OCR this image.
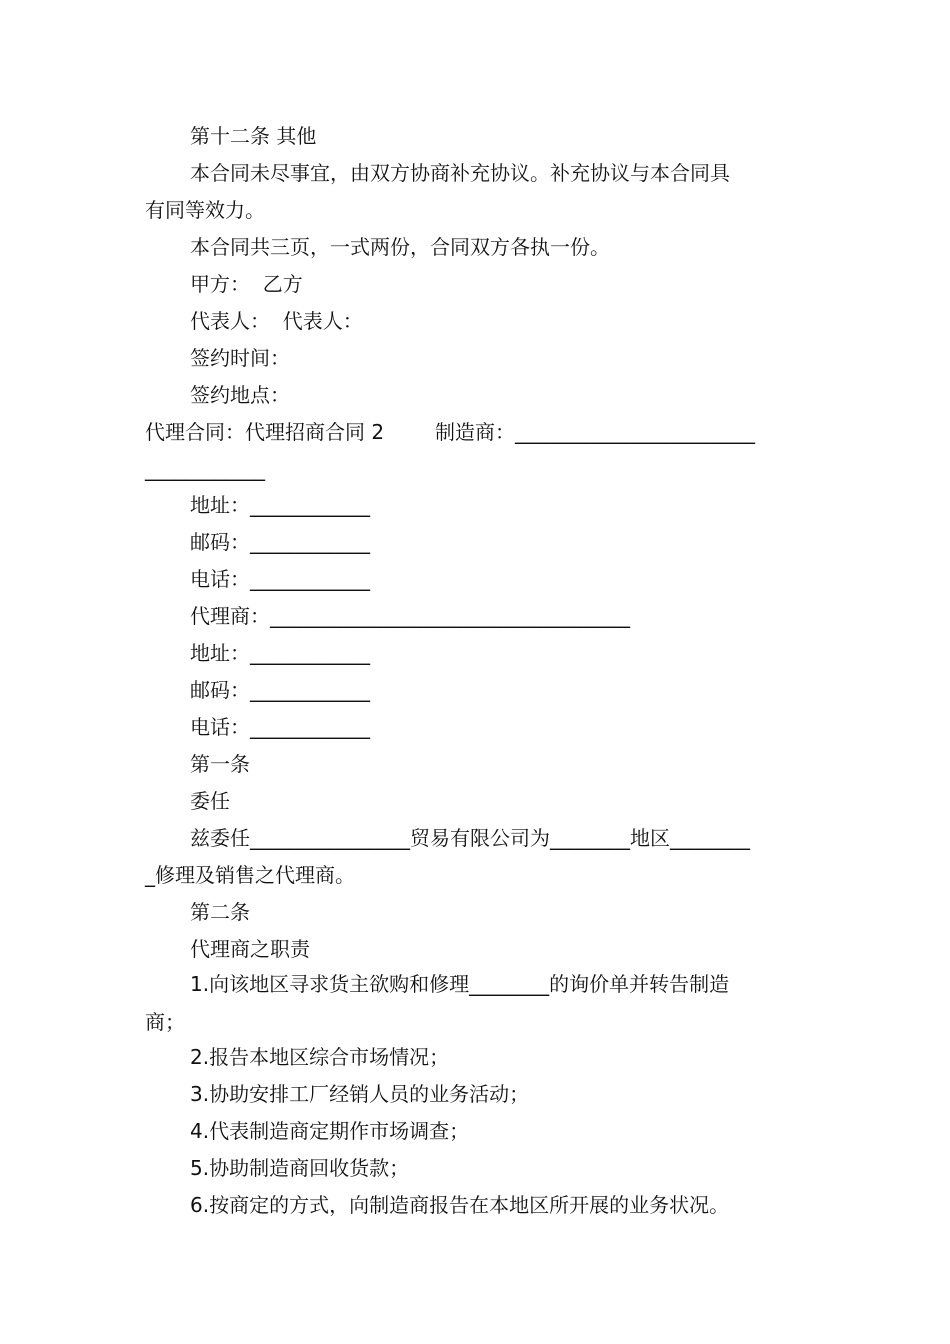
第十二条 其他
本合同未尽事宜，由双方协商补充协议。补充协议与本合同具
有同等效力。
本合同共三页，一式两份，合同双方各执一份。
甲方：  乙方
代表人：  代表人：
签约时间：
签约地点：
代理合同：代理招商合同 2        制造商：________________________
____________
地址：____________
邮码：____________
电话：____________
代理商：____________________________________
地址：____________
邮码：____________
电话：____________
第一条
委任
兹委任________________贸易有限公司为________地区________
_修理及销售之代理商。
第二条
代理商之职责
1.向该地区寻求货主欲购和修理________的询价单并转告制造
商；
2.报告本地区综合市场情况；
3.协助安排工厂经销人员的业务活动；
4.代表制造商定期作市场调查；
5.协助制造商回收货款；
6.按商定的方式，向制造商报告在本地区所开展的业务状况。
